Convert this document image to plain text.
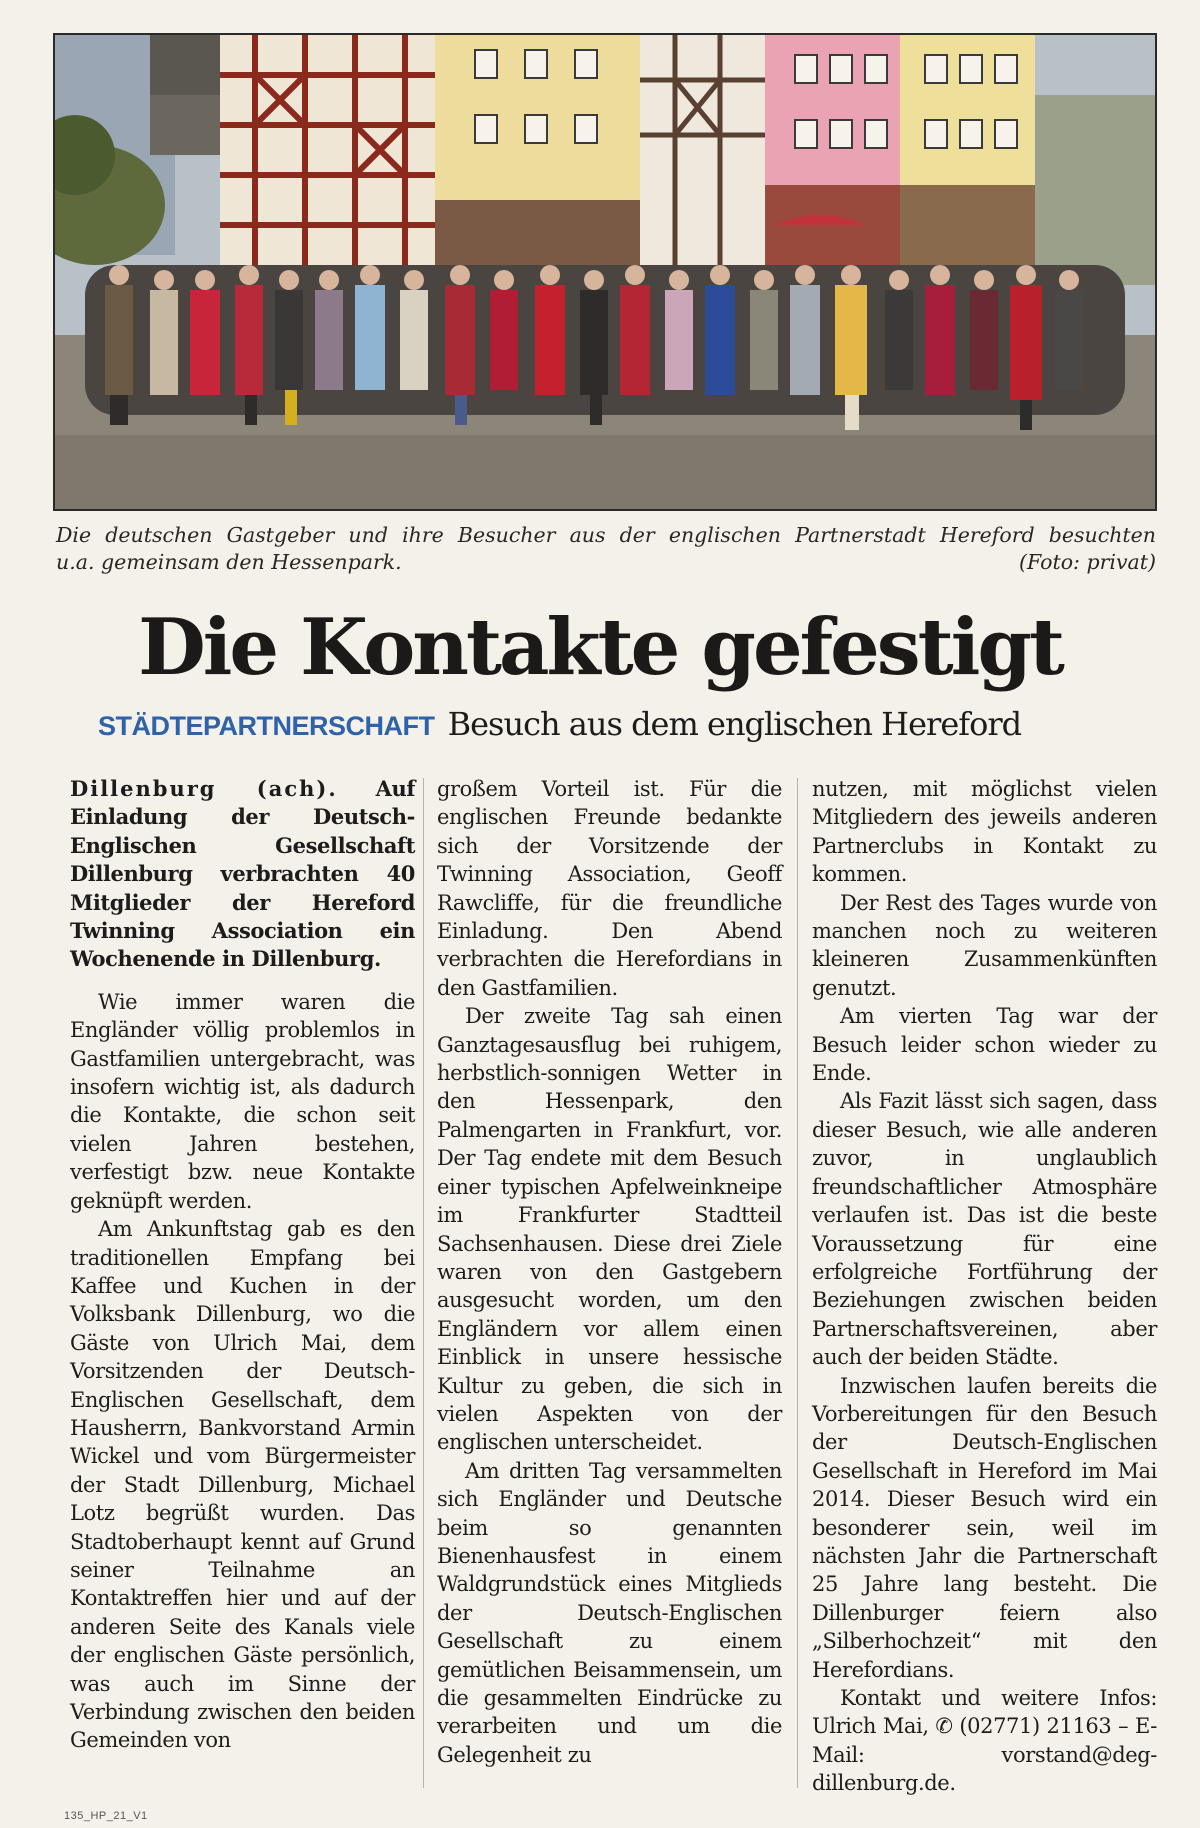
Die deutschen Gastgeber und ihre Besucher aus der englischen Partnerstadt Hereford besuchten
u.a. gemeinsam den Hessenpark.	(Foto: privat)
Die Kontakte gefestigt
STÄDTEPARTNERSCHAFT Besuch aus dem englischen Hereford

Dillenburg (ach). Auf Einladung der Deutsch-Englischen Gesellschaft Dillenburg verbrachten 40 Mitglieder der Hereford Twinning Association ein Wochenende in Dillenburg.

Wie immer waren die Engländer völlig problemlos in Gastfamilien untergebracht, was insofern wichtig ist, als dadurch die Kontakte, die schon seit vielen Jahren bestehen, verfestigt bzw. neue Kontakte geknüpft werden.

Am Ankunftstag gab es den traditionellen Empfang bei Kaffee und Kuchen in der Volksbank Dillenburg, wo die Gäste von Ulrich Mai, dem Vorsitzenden der Deutsch-Englischen Gesellschaft, dem Hausherrn, Bankvorstand Armin Wickel und vom Bürgermeister der Stadt Dillenburg, Michael Lotz begrüßt wurden. Das Stadtoberhaupt kennt auf Grund seiner Teilnahme an Kontaktreffen hier und auf der anderen Seite des Kanals viele der englischen Gäste persönlich, was auch im Sinne der Verbindung zwischen den beiden Gemeinden von

großem Vorteil ist. Für die englischen Freunde bedankte sich der Vorsitzende der Twinning Association, Geoff Rawcliffe, für die freundliche Einladung. Den Abend verbrachten die Herefordians in den Gastfamilien.

Der zweite Tag sah einen Ganztagesausflug bei ruhigem, herbstlich-sonnigen Wetter in den Hessenpark, den Palmengarten in Frankfurt, vor. Der Tag endete mit dem Besuch einer typischen Apfelweinkneipe im Frankfurter Stadtteil Sachsenhausen. Diese drei Ziele waren von den Gastgebern ausgesucht worden, um den Engländern vor allem einen Einblick in unsere hessische Kultur zu geben, die sich in vielen Aspekten von der englischen unterscheidet.

Am dritten Tag versammelten sich Engländer und Deutsche beim so genannten Bienenhausfest in einem Waldgrundstück eines Mitglieds der Deutsch-Englischen Gesellschaft zu einem gemütlichen Beisammensein, um die gesammelten Eindrücke zu verarbeiten und um die Gelegenheit zu

nutzen, mit möglichst vielen Mitgliedern des jeweils anderen Partnerclubs in Kontakt zu kommen.

Der Rest des Tages wurde von manchen noch zu weiteren kleineren Zusammenkünften genutzt.

Am vierten Tag war der Besuch leider schon wieder zu Ende.

Als Fazit lässt sich sagen, dass dieser Besuch, wie alle anderen zuvor, in unglaublich freundschaftlicher Atmosphäre verlaufen ist. Das ist die beste Voraussetzung für eine erfolgreiche Fortführung der Beziehungen zwischen beiden Partnerschaftsvereinen, aber auch der beiden Städte.

Inzwischen laufen bereits die Vorbereitungen für den Besuch der Deutsch-Englischen Gesellschaft in Hereford im Mai 2014. Dieser Besuch wird ein besonderer sein, weil im nächsten Jahr die Partnerschaft 25 Jahre lang besteht. Die Dillenburger feiern also „Silberhochzeit“ mit den Herefordians.

Kontakt und weitere Infos: Ulrich Mai, ✆ (02771) 21163 – E-Mail: vorstand@deg-dillenburg.de.

135_HP_21_V1
